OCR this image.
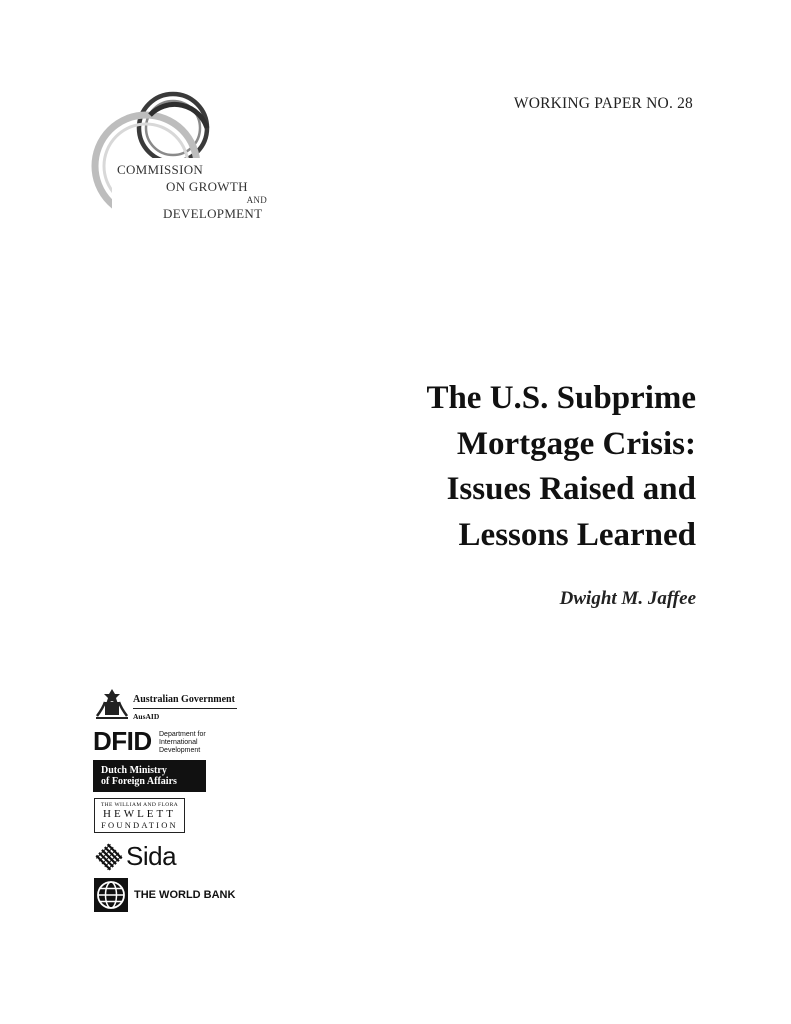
WORKING PAPER NO. 28
COMMISSION
ON GROWTH
AND
DEVELOPMENT
The U.S. Subprime
Mortgage Crisis:
Issues Raised and
Lessons Learned
Dwight M. Jaffee
Australian Government
AusAID
DFID Department for International Development
Dutch Ministry
of Foreign Affairs
THE WILLIAM AND FLORA
HEWLETT
FOUNDATION
Sida
THE WORLD BANK
